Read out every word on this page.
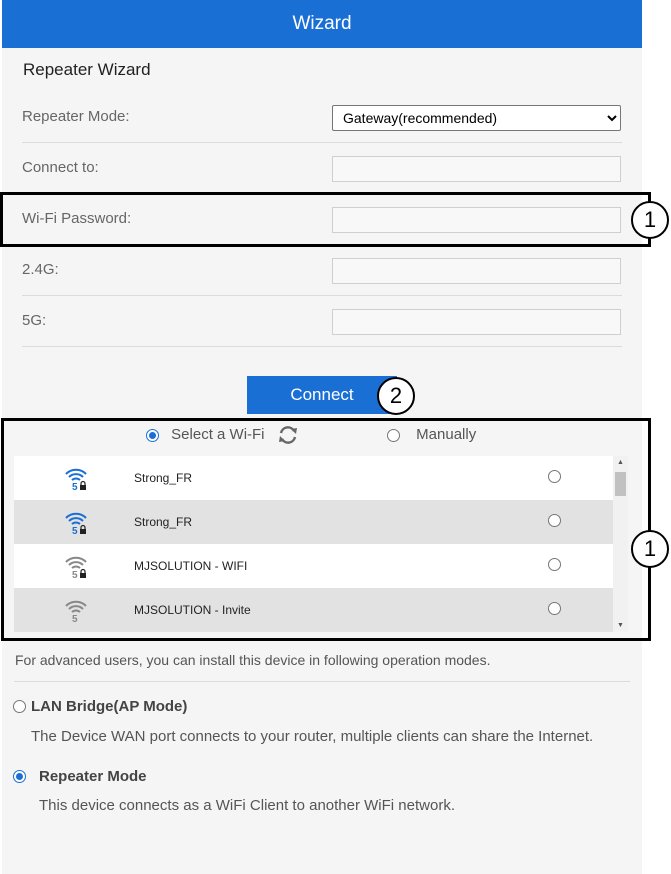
Wizard
Repeater Wizard
Repeater Mode:
Gateway(recommended)
Connect to:
Wi-Fi Password:
2.4G:
5G:
1
Connect	2
1
Select a Wi-Fi	Manually
5
Strong_FR
5
Strong_FR
5
MJSOLUTION - WIFI
5
MJSOLUTION - Invite
▲
▼
For advanced users, you can install this device in following operation modes.
LAN Bridge(AP Mode)
The Device WAN port connects to your router, multiple clients can share the Internet.
Repeater Mode
This device connects as a WiFi Client to another WiFi network.
